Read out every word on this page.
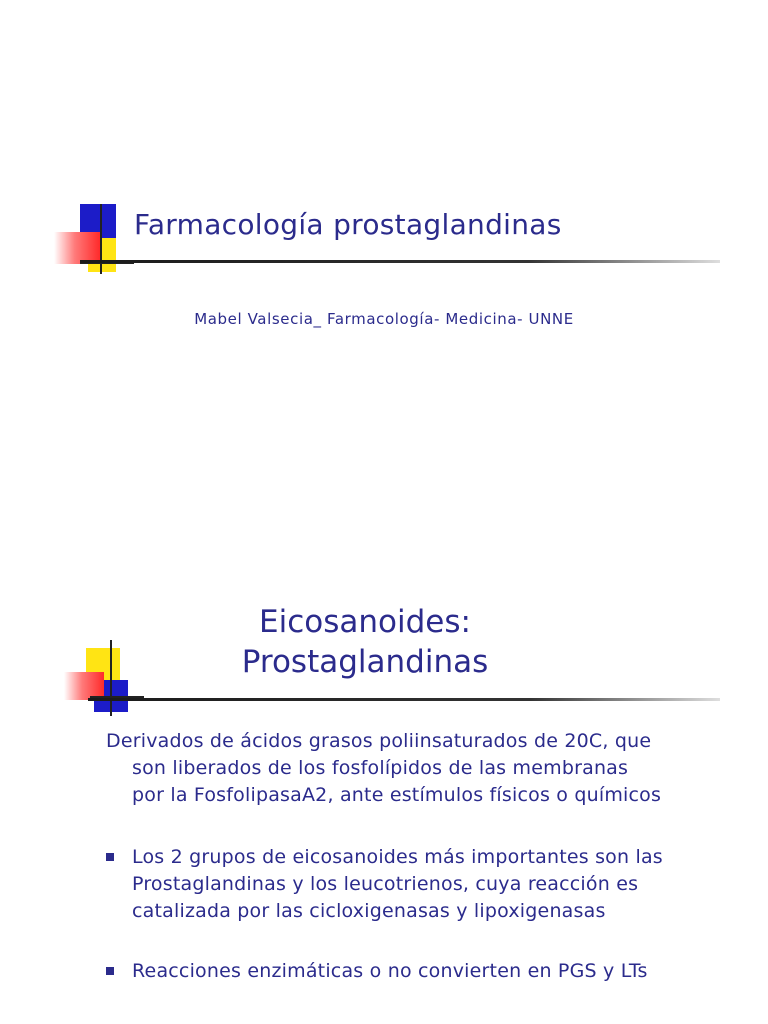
Farmacología prostaglandinas
Mabel Valsecia_ Farmacología- Medicina- UNNE
Eicosanoides:
Prostaglandinas
Derivados de ácidos grasos poliinsaturados de 20C, que
son liberados de los fosfolípidos de las membranas
por la FosfolipasaA2, ante estímulos físicos o químicos
Los 2 grupos de eicosanoides más importantes son las
Prostaglandinas y los leucotrienos, cuya reacción es
catalizada por las cicloxigenasas y lipoxigenasas
Reacciones enzimáticas o no convierten en PGS y LTs
